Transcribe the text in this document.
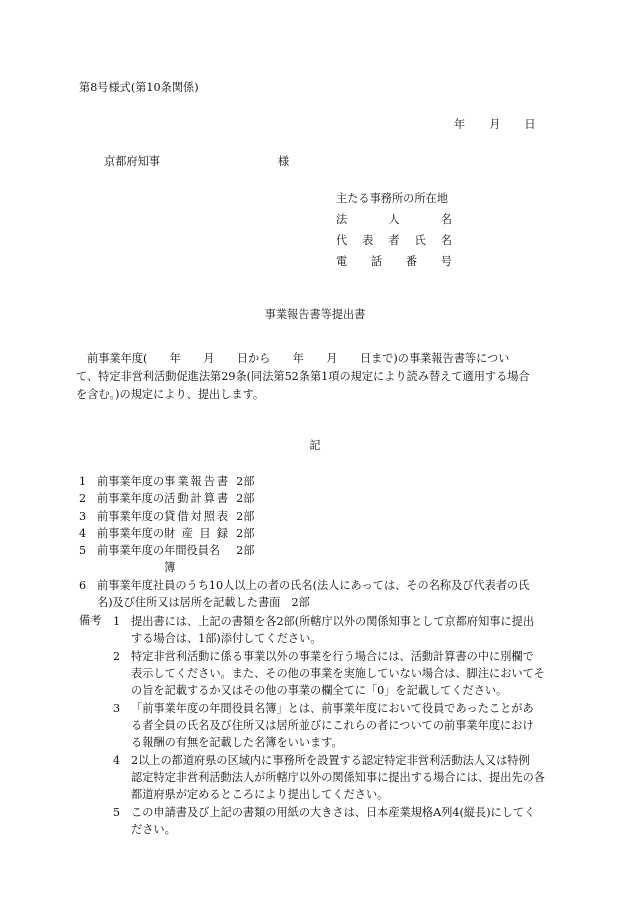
第8号様式(第10条関係)
年 月 日
京都府知事	様
主たる事務所の所在地
法	人	名
代 表 者 氏 名
電 話 番 号
事業報告書等提出書

前事業年度(　　年　　月　　日から　　年　　月　　日まで)の事業報告書等につい

て、特定非営利活動促進法第29条(同法第52条第1項の規定により読み替えて適用する場合

を含む。)の規定により、提出します。

記
1 前事業年度の 事 業 報 告 書 2部
2 前事業年度の 活 動 計 算 書 2部
3 前事業年度の 貸 借 対 照 表 2部
4 前事業年度の 財 産 目 録 2部
5 前事業年度の 年間役員名簿
2部
6 前事業年度社員のうち10人以上の者の氏名(法人にあっては、その名称及び代表者の氏
名)及び住所又は居所を記載した書面　2部
備考 1 提出書には、上記の書類を各2部(所轄庁以外の関係知事として京都府知事に提出
する場合は、1部)添付してください。
2 特定非営利活動に係る事業以外の事業を行う場合には、活動計算書の中に別欄で
表示してください。また、その他の事業を実施していない場合は、脚注においてそ
の旨を記載するか又はその他の事業の欄全てに「0」を記載してください。
3 「前事業年度の年間役員名簿」とは、前事業年度において役員であったことがあ
る者全員の氏名及び住所又は居所並びにこれらの者についての前事業年度におけ
る報酬の有無を記載した名簿をいいます。
4 2以上の都道府県の区域内に事務所を設置する認定特定非営利活動法人又は特例
認定特定非営利活動法人が所轄庁以外の関係知事に提出する場合には、提出先の各
都道府県が定めるところにより提出してください。
5 この申請書及び上記の書類の用紙の大きさは、日本産業規格A列4(縦長)にしてく
ださい。
